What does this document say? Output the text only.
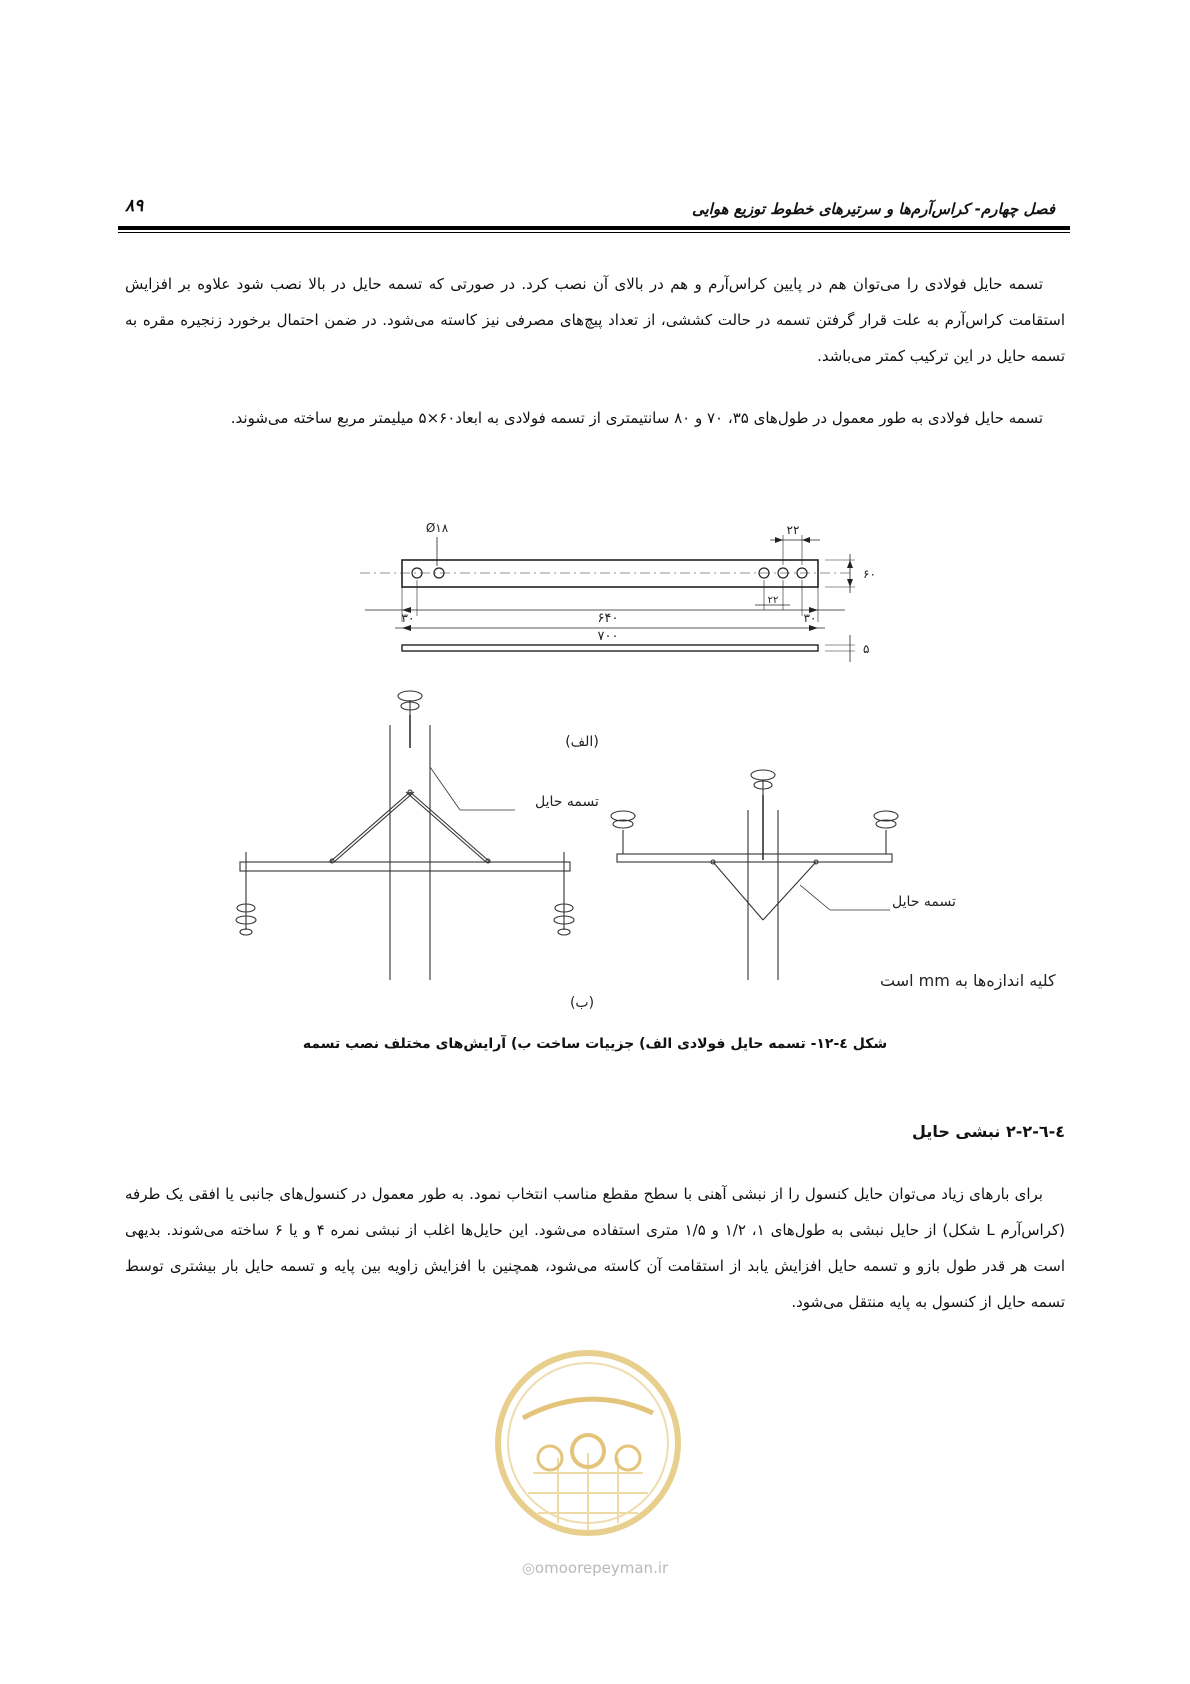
فصل چهارم- کراس‌آرم‌ها و سرتیرهای خطوط توزیع هوایی
۸۹

تسمه حایل فولادی را می‌توان هم در پایین کراس‌آرم و هم در بالای آن نصب کرد. در صورتی که تسمه حایل در بالا نصب شود علاوه بر افزایش استقامت کراس‌آرم به علت قرار گرفتن تسمه در حالت کششی، از تعداد پیچ‌های مصرفی نیز کاسته می‌شود. در ضمن احتمال برخورد زنجیره مقره به تسمه حایل در این ترکیب کمتر می‌باشد.

تسمه حایل فولادی به طور معمول در طول‌های ۳۵، ۷۰ و ۸۰ سانتیمتری از تسمه فولادی به ابعاد۶۰×۵ میلیمتر مربع ساخته می‌شوند.

Ø۱۸	۲۲
۶۰
۲۲
۳۰	۶۴۰	۳۰
۷۰۰
۵
(الف)
تسمه حایل
تسمه حایل
کلیه اندازه‌ها به mm است
(ب)
شکل ٤-١٢- تسمه حایل فولادی الف) جزییات ساخت ب) آرایش‌های مختلف نصب تسمه
٤-٦-٢-٢ نبشی حایل

برای بارهای زیاد می‌توان حایل کنسول را از نبشی آهنی با سطح مقطع مناسب انتخاب نمود. به طور معمول در کنسول‌های جانبی یا افقی یک طرفه (کراس‌آرم L شکل) از حایل نبشی به طول‌های ۱، ۱/۲ و ۱/۵ متری استفاده می‌شود. این حایل‌ها اغلب از نبشی نمره ۴ و یا ۶ ساخته می‌شوند. بدیهی است هر قدر طول بازو و تسمه حایل افزایش یابد از استقامت آن کاسته می‌شود، همچنین با افزایش زاویه بین پایه و تسمه حایل بار بیشتری توسط تسمه حایل از کنسول به پایه منتقل می‌شود.

◎omoorepeyman.ir
